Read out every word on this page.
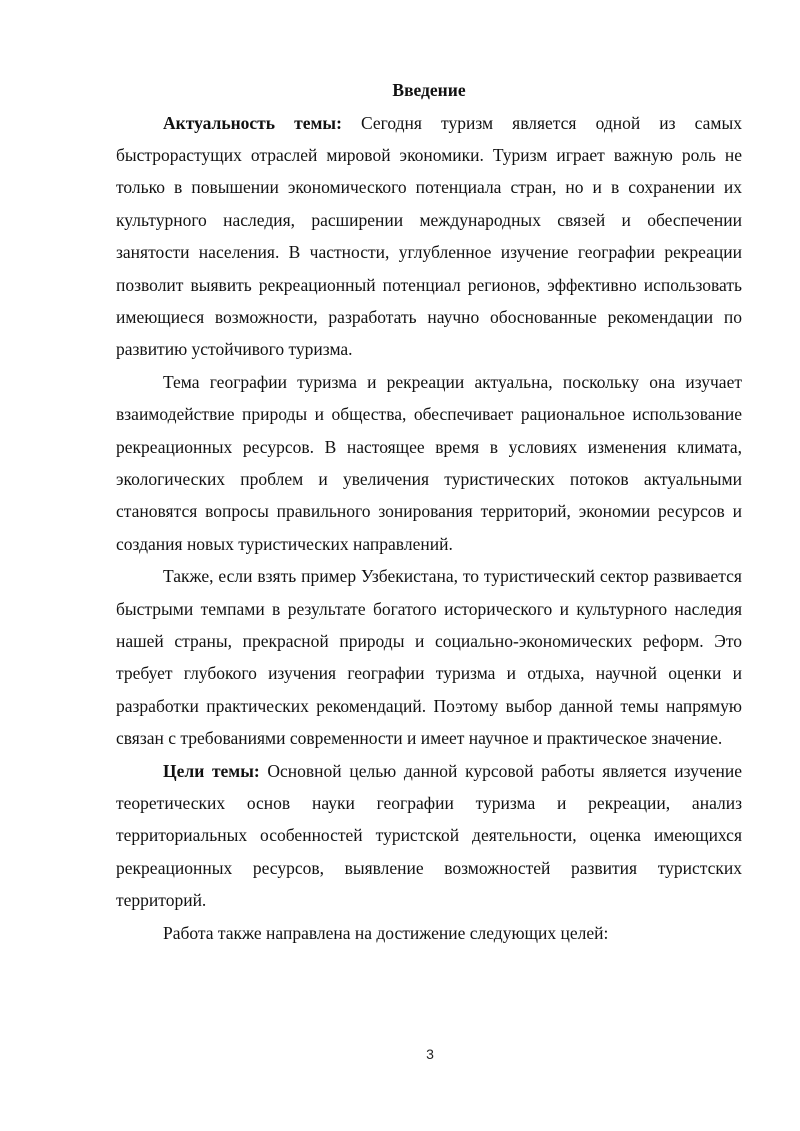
Введение

Актуальность темы: Сегодня туризм является одной из самых быстрорастущих отраслей мировой экономики. Туризм играет важную роль не только в повышении экономического потенциала стран, но и в сохранении их культурного наследия, расширении международных связей и обеспечении занятости населения. В частности, углубленное изучение географии рекреации позволит выявить рекреационный потенциал регионов, эффективно использовать имеющиеся возможности, разработать научно обоснованные рекомендации по развитию устойчивого туризма.

Тема географии туризма и рекреации актуальна, поскольку она изучает взаимодействие природы и общества, обеспечивает рациональное использование рекреационных ресурсов. В настоящее время в условиях изменения климата, экологических проблем и увеличения туристических потоков актуальными становятся вопросы правильного зонирования территорий, экономии ресурсов и создания новых туристических направлений.

Также, если взять пример Узбекистана, то туристический сектор развивается быстрыми темпами в результате богатого исторического и культурного наследия нашей страны, прекрасной природы и социально-экономических реформ. Это требует глубокого изучения географии туризма и отдыха, научной оценки и разработки практических рекомендаций. Поэтому выбор данной темы напрямую связан с требованиями современности и имеет научное и практическое значение.

Цели темы: Основной целью данной курсовой работы является изучение теоретических основ науки географии туризма и рекреации, анализ территориальных особенностей туристской деятельности, оценка имеющихся рекреационных ресурсов, выявление возможностей развития туристских территорий.

Работа также направлена на достижение следующих целей:

3
